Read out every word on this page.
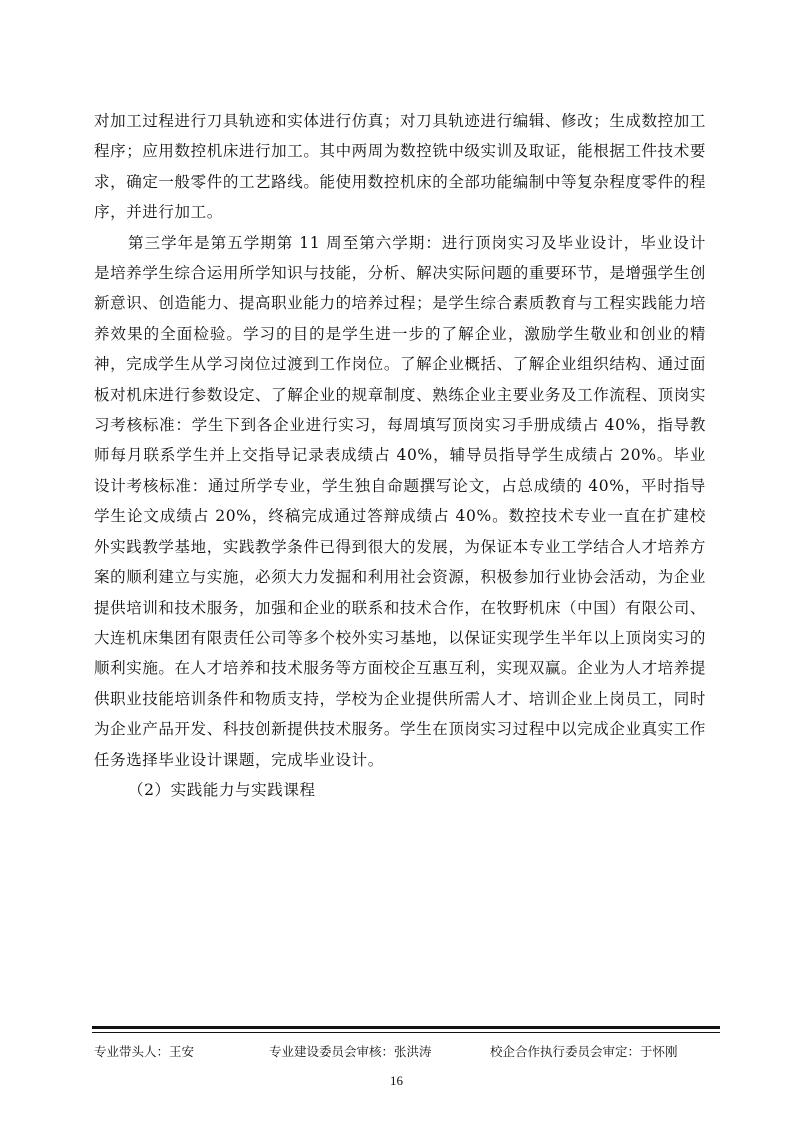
对加工过程进行刀具轨迹和实体进行仿真；对刀具轨迹进行编辑、修改；生成数控加工程序；应用数控机床进行加工。其中两周为数控铣中级实训及取证，能根据工件技术要求，确定一般零件的工艺路线。能使用数控机床的全部功能编制中等复杂程度零件的程序，并进行加工。

第三学年是第五学期第 11 周至第六学期：进行顶岗实习及毕业设计，毕业设计是培养学生综合运用所学知识与技能，分析、解决实际问题的重要环节，是增强学生创新意识、创造能力、提高职业能力的培养过程；是学生综合素质教育与工程实践能力培养效果的全面检验。学习的目的是学生进一步的了解企业，激励学生敬业和创业的精神，完成学生从学习岗位过渡到工作岗位。了解企业概括、了解企业组织结构、通过面板对机床进行参数设定、了解企业的规章制度、熟练企业主要业务及工作流程、顶岗实习考核标准：学生下到各企业进行实习，每周填写顶岗实习手册成绩占 40%，指导教师每月联系学生并上交指导记录表成绩占 40%，辅导员指导学生成绩占 20%。毕业设计考核标准：通过所学专业，学生独自命题撰写论文，占总成绩的 40%，平时指导学生论文成绩占 20%，终稿完成通过答辩成绩占 40%。数控技术专业一直在扩建校外实践教学基地，实践教学条件已得到很大的发展，为保证本专业工学结合人才培养方案的顺利建立与实施，必须大力发掘和利用社会资源，积极参加行业协会活动，为企业提供培训和技术服务，加强和企业的联系和技术合作，在牧野机床（中国）有限公司、大连机床集团有限责任公司等多个校外实习基地，以保证实现学生半年以上顶岗实习的顺利实施。在人才培养和技术服务等方面校企互惠互利，实现双赢。企业为人才培养提供职业技能培训条件和物质支持，学校为企业提供所需人才、培训企业上岗员工，同时为企业产品开发、科技创新提供技术服务。学生在顶岗实习过程中以完成企业真实工作任务选择毕业设计课题，完成毕业设计。

（2）实践能力与实践课程

专业带头人：王安	专业建设委员会审核：张洪涛	校企合作执行委员会审定：于怀刚
16
